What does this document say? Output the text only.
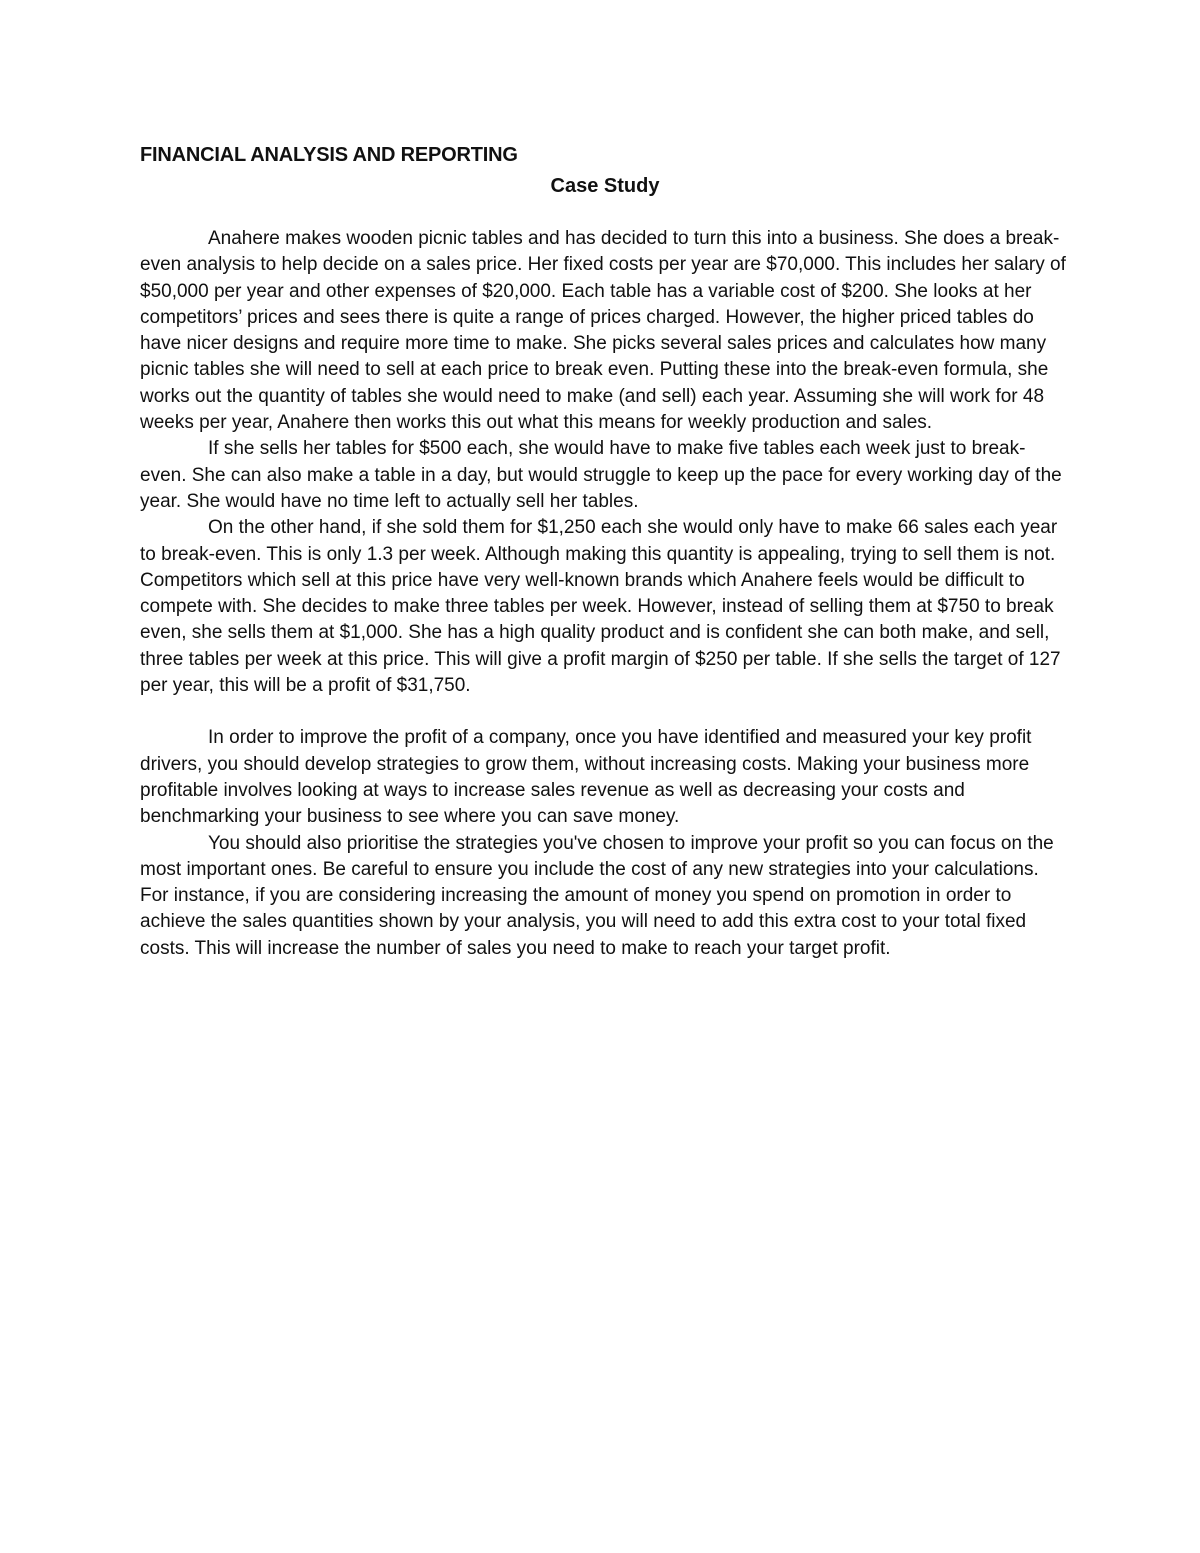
FINANCIAL ANALYSIS AND REPORTING
Case Study

Anahere makes wooden picnic tables and has decided to turn this into a business. She does a break-even analysis to help decide on a sales price. Her fixed costs per year are $70,000. This includes her salary of $50,000 per year and other expenses of $20,000. Each table has a variable cost of $200. She looks at her competitors’ prices and sees there is quite a range of prices charged. However, the higher priced tables do have nicer designs and require more time to make. She picks several sales prices and calculates how many picnic tables she will need to sell at each price to break even. Putting these into the break-even formula, she works out the quantity of tables she would need to make (and sell) each year. Assuming she will work for 48 weeks per year, Anahere then works this out what this means for weekly production and sales.

If she sells her tables for $500 each, she would have to make five tables each week just to break-even. She can also make a table in a day, but would struggle to keep up the pace for every working day of the year. She would have no time left to actually sell her tables.

On the other hand, if she sold them for $1,250 each she would only have to make 66 sales each year to break-even. This is only 1.3 per week. Although making this quantity is appealing, trying to sell them is not. Competitors which sell at this price have very well-known brands which Anahere feels would be difficult to compete with. She decides to make three tables per week. However, instead of selling them at $750 to break even, she sells them at $1,000. She has a high quality product and is confident she can both make, and sell, three tables per week at this price. This will give a profit margin of $250 per table. If she sells the target of 127 per year, this will be a profit of $31,750.

In order to improve the profit of a company, once you have identified and measured your key profit drivers, you should develop strategies to grow them, without increasing costs. Making your business more profitable involves looking at ways to increase sales revenue as well as decreasing your costs and benchmarking your business to see where you can save money.

You should also prioritise the strategies you've chosen to improve your profit so you can focus on the most important ones. Be careful to ensure you include the cost of any new strategies into your calculations. For instance, if you are considering increasing the amount of money you spend on promotion in order to achieve the sales quantities shown by your analysis, you will need to add this extra cost to your total fixed costs. This will increase the number of sales you need to make to reach your target profit.
